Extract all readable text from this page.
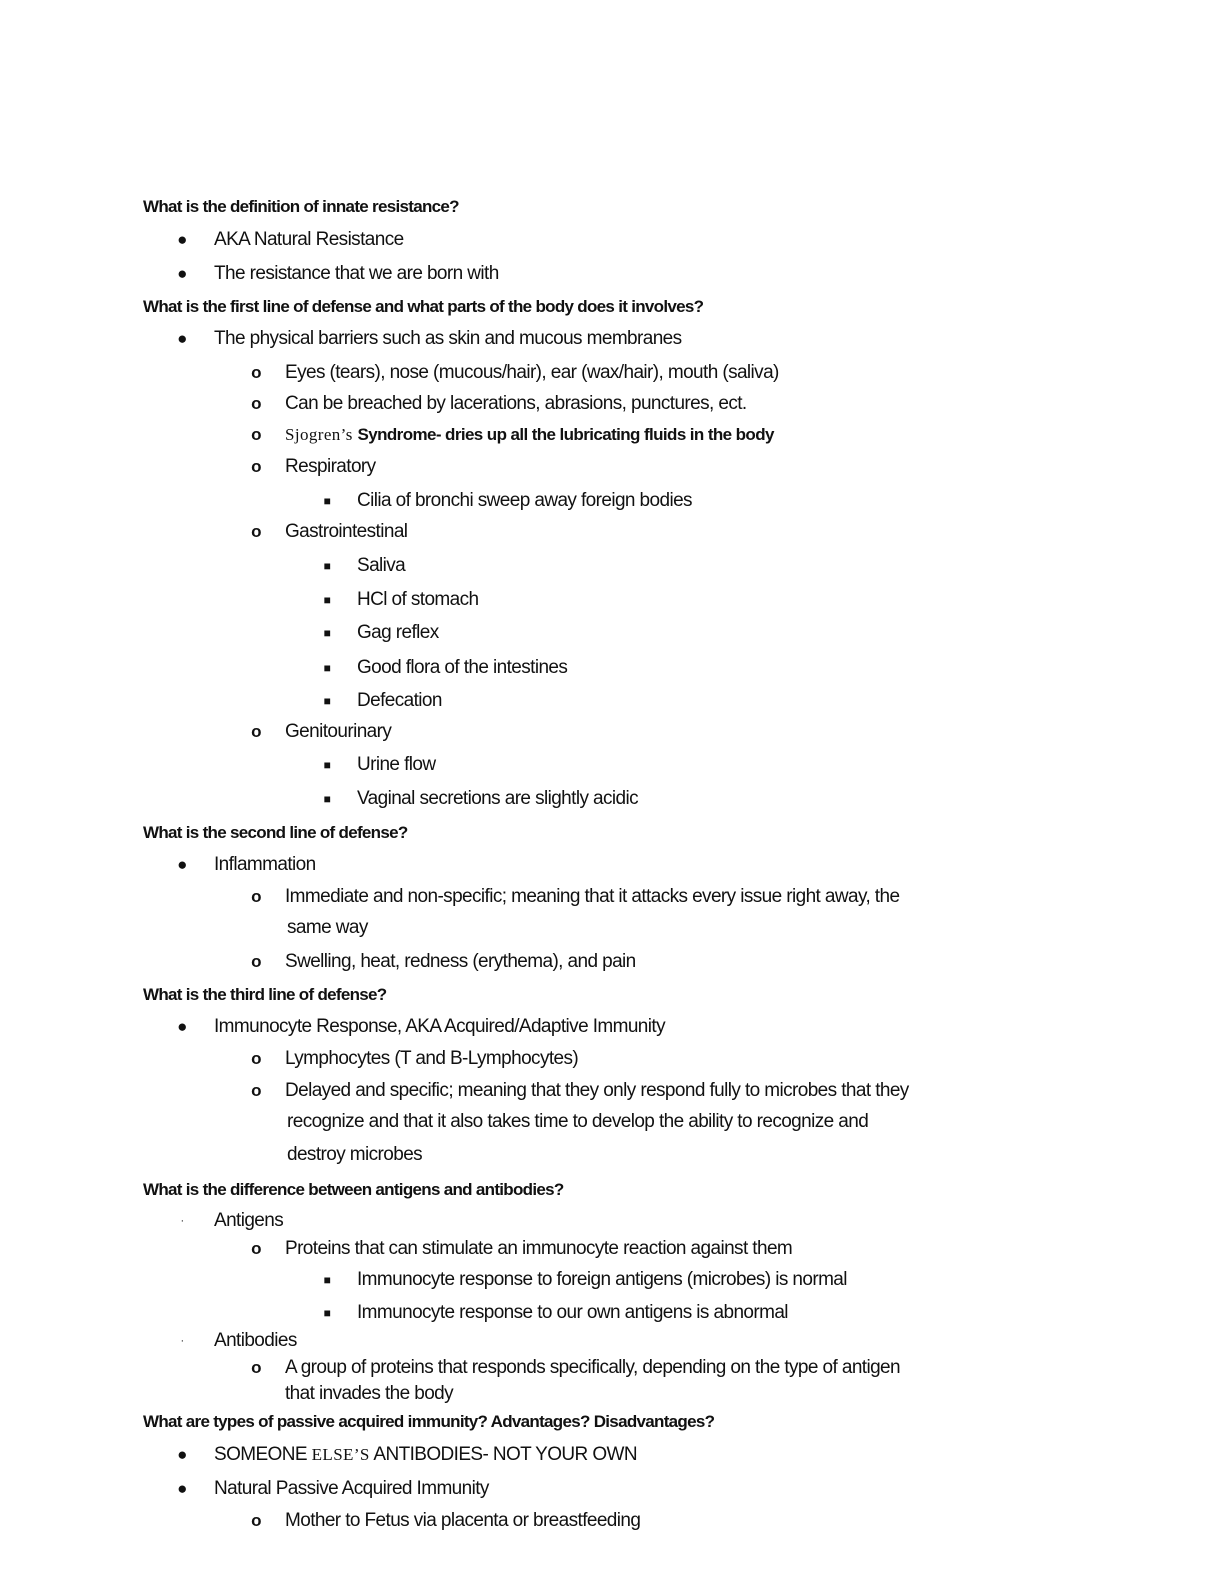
What is the definition of innate resistance?
● AKA Natural Resistance
● The resistance that we are born with
What is the first line of defense and what parts of the body does it involves?
● The physical barriers such as skin and mucous membranes
o Eyes (tears), nose (mucous/hair), ear (wax/hair), mouth (saliva)
o Can be breached by lacerations, abrasions, punctures, ect.
o Sjogren’s Syndrome- dries up all the lubricating fluids in the body
o Respiratory
■ Cilia of bronchi sweep away foreign bodies
o Gastrointestinal
■ Saliva
■ HCl of stomach
■ Gag reflex
■ Good flora of the intestines
■ Defecation
o Genitourinary
■ Urine flow
■ Vaginal secretions are slightly acidic
What is the second line of defense?
● Inflammation
o Immediate and non-specific; meaning that it attacks every issue right away, the
same way
o Swelling, heat, redness (erythema), and pain
What is the third line of defense?
● Immunocyte Response, AKA Acquired/Adaptive Immunity
o Lymphocytes (T and B-Lymphocytes)
o Delayed and specific; meaning that they only respond fully to microbes that they
recognize and that it also takes time to develop the ability to recognize and
destroy microbes
What is the difference between antigens and antibodies?
· Antigens
o Proteins that can stimulate an immunocyte reaction against them
■ Immunocyte response to foreign antigens (microbes) is normal
■ Immunocyte response to our own antigens is abnormal
· Antibodies
o A group of proteins that responds specifically, depending on the type of antigen
that invades the body
What are types of passive acquired immunity? Advantages? Disadvantages?
● SOMEONE ELSE’S ANTIBODIES- NOT YOUR OWN
● Natural Passive Acquired Immunity
o Mother to Fetus via placenta or breastfeeding
